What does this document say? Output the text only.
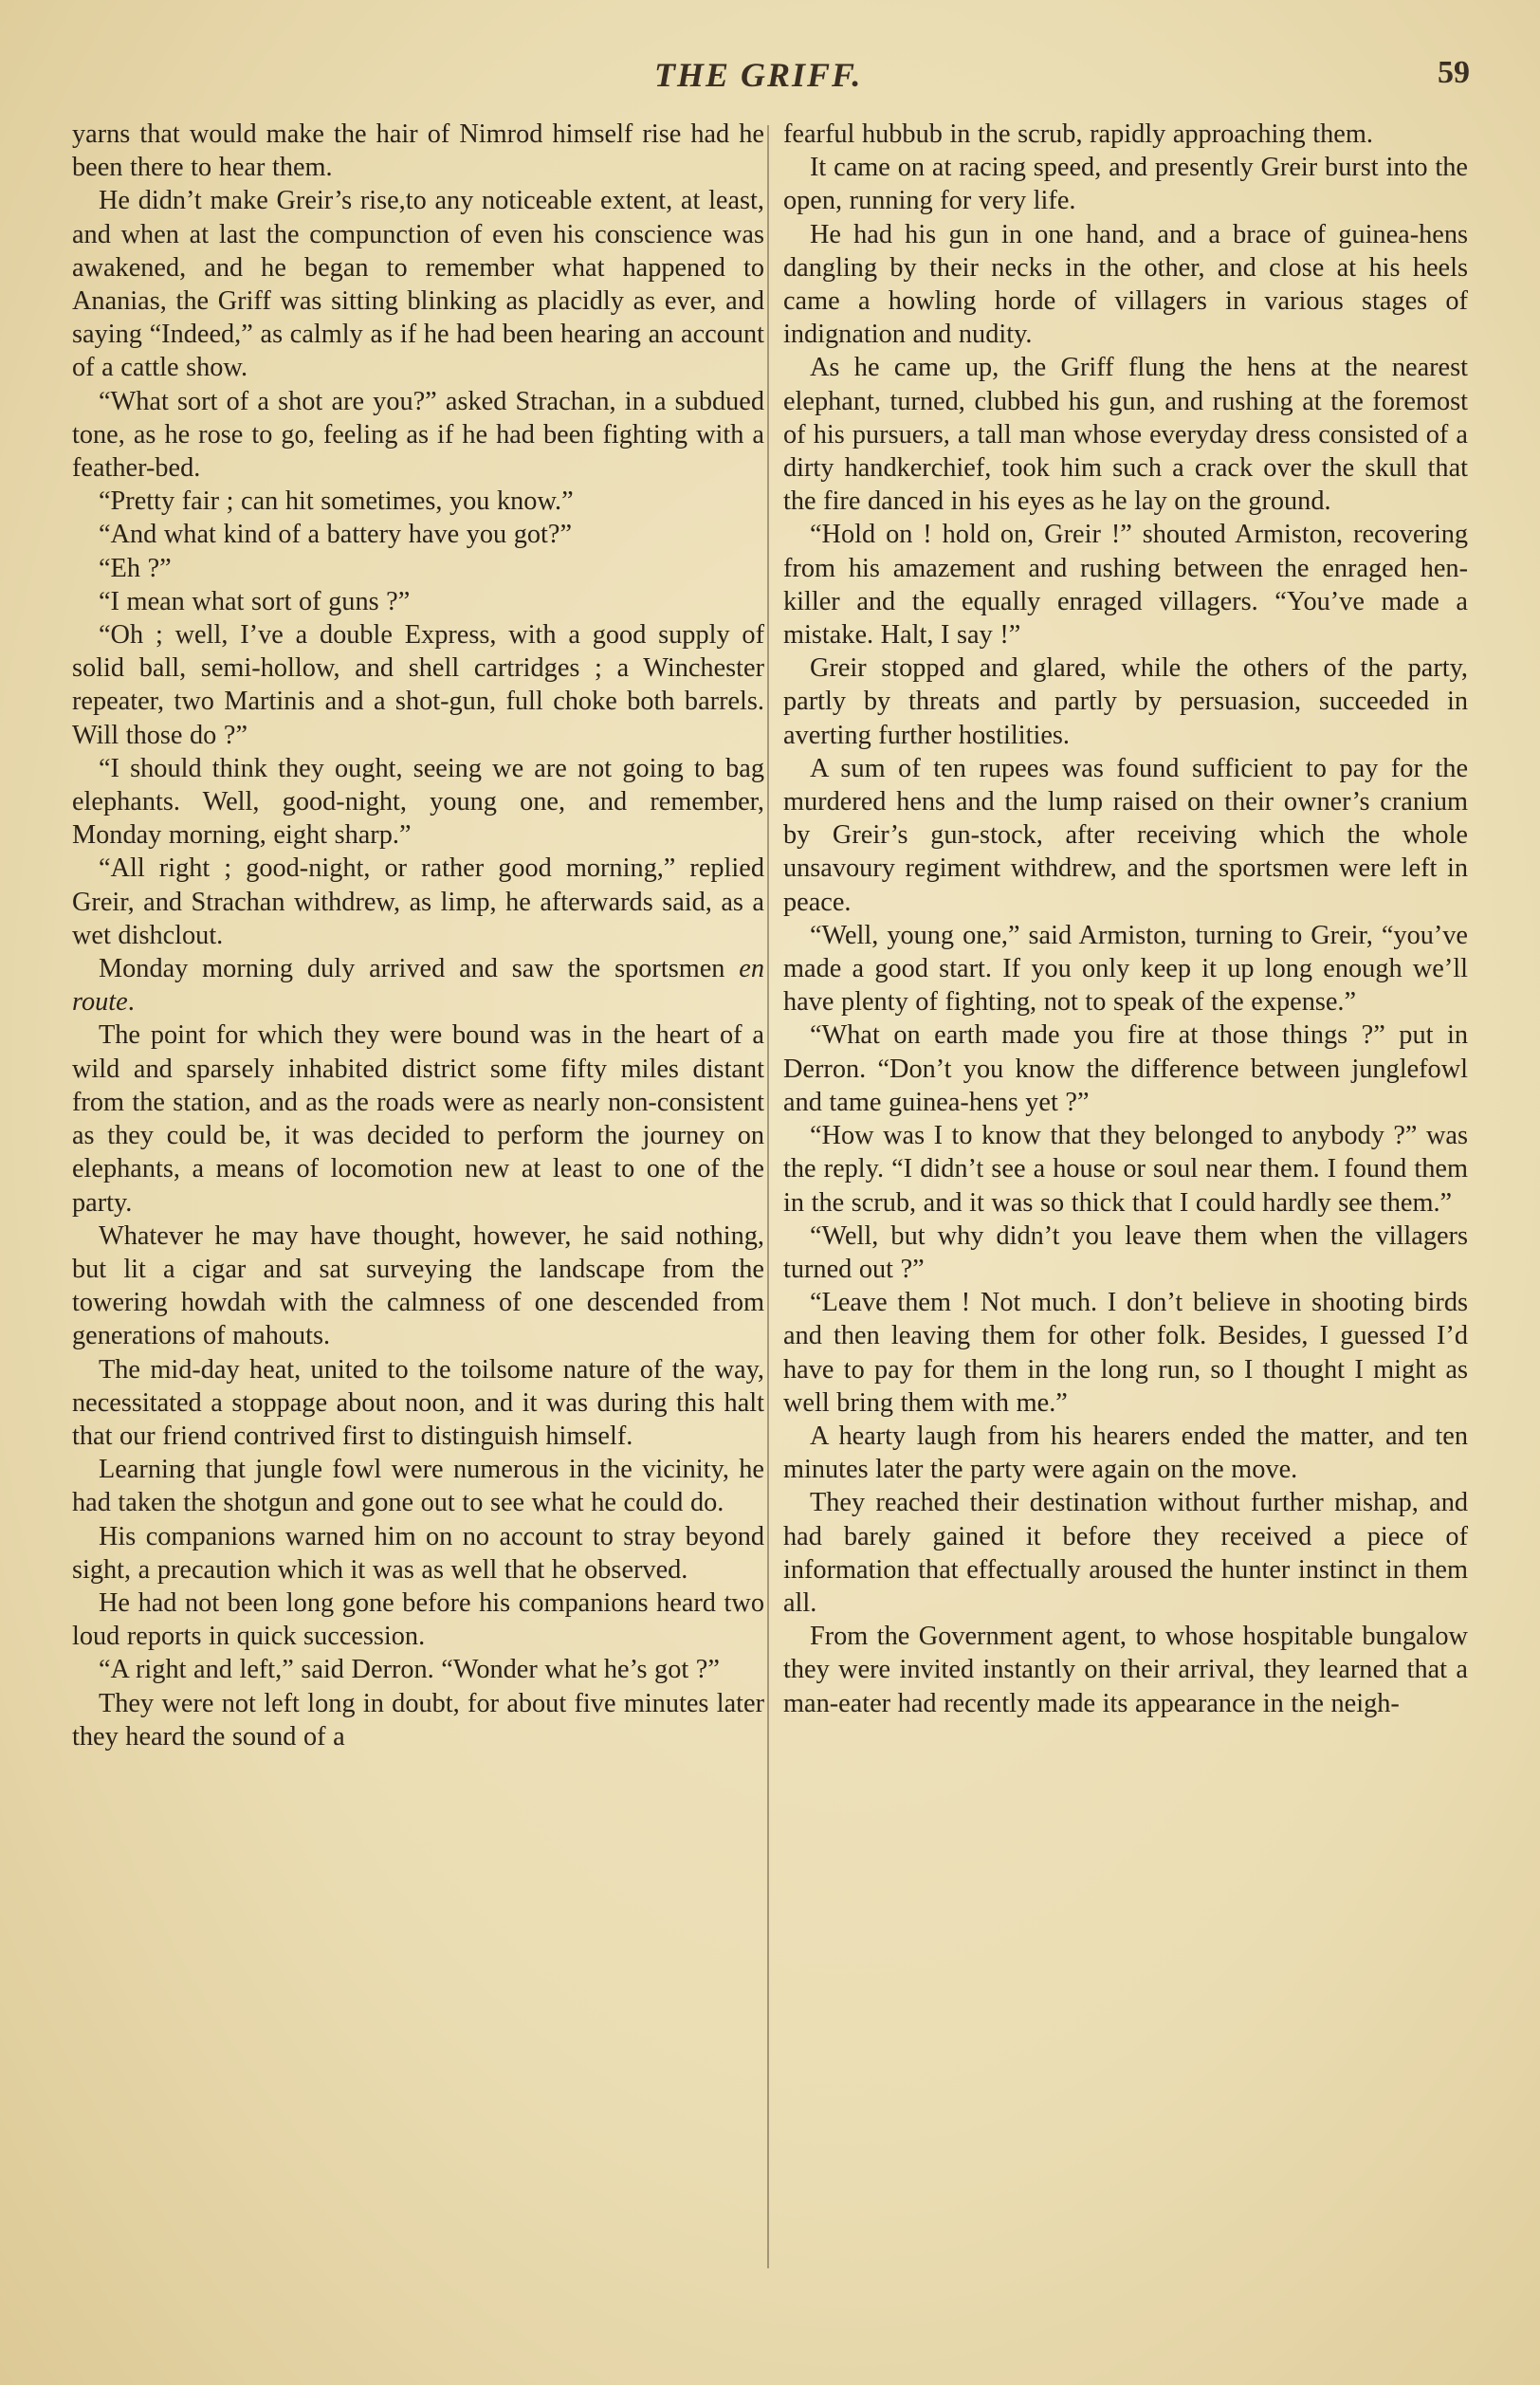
THE GRIFF.	59

yarns that would make the hair of Nimrod himself rise had he been there to hear them.

He didn’t make Greir’s rise,to any noticeable extent, at least, and when at last the compunction of even his conscience was awakened, and he began to remember what happened to Ananias, the Griff was sitting blinking as placidly as ever, and saying “Indeed,” as calmly as if he had been hearing an account of a cattle show.

“What sort of a shot are you?” asked Strachan, in a subdued tone, as he rose to go, feeling as if he had been fighting with a feather-bed.

“Pretty fair ; can hit sometimes, you know.”

“And what kind of a battery have you got?”

“Eh ?”

“I mean what sort of guns ?”

“Oh ; well, I’ve a double Express, with a good supply of solid ball, semi-hollow, and shell cartridges ; a Winchester repeater, two Martinis and a shot-gun, full choke both barrels. Will those do ?”

“I should think they ought, seeing we are not going to bag elephants. Well, good-night, young one, and remember, Monday morning, eight sharp.”

“All right ; good-night, or rather good morning,” replied Greir, and Strachan withdrew, as limp, he afterwards said, as a wet dishclout.

Monday morning duly arrived and saw the sportsmen en route.

The point for which they were bound was in the heart of a wild and sparsely inhabited district some fifty miles distant from the station, and as the roads were as nearly non-consistent as they could be, it was decided to perform the journey on elephants, a means of locomotion new at least to one of the party.

Whatever he may have thought, however, he said nothing, but lit a cigar and sat surveying the landscape from the towering howdah with the calmness of one descended from generations of mahouts.

The mid-day heat, united to the toilsome nature of the way, necessitated a stoppage about noon, and it was during this halt that our friend contrived first to distinguish himself.

Learning that jungle fowl were numerous in the vicinity, he had taken the shotgun and gone out to see what he could do.

His companions warned him on no account to stray beyond sight, a precaution which it was as well that he observed.

He had not been long gone before his companions heard two loud reports in quick succession.

“A right and left,” said Derron. “Wonder what he’s got ?”

They were not left long in doubt, for about five minutes later they heard the sound of a

fearful hubbub in the scrub, rapidly approaching them.

It came on at racing speed, and presently Greir burst into the open, running for very life.

He had his gun in one hand, and a brace of guinea-hens dangling by their necks in the other, and close at his heels came a howling horde of villagers in various stages of indignation and nudity.

As he came up, the Griff flung the hens at the nearest elephant, turned, clubbed his gun, and rushing at the foremost of his pursuers, a tall man whose everyday dress consisted of a dirty handkerchief, took him such a crack over the skull that the fire danced in his eyes as he lay on the ground.

“Hold on ! hold on, Greir !” shouted Armiston, recovering from his amazement and rushing between the enraged hen-killer and the equally enraged villagers. “You’ve made a mistake. Halt, I say !”

Greir stopped and glared, while the others of the party, partly by threats and partly by persuasion, succeeded in averting further hostilities.

A sum of ten rupees was found sufficient to pay for the murdered hens and the lump raised on their owner’s cranium by Greir’s gun-stock, after receiving which the whole unsavoury regiment withdrew, and the sportsmen were left in peace.

“Well, young one,” said Armiston, turning to Greir, “you’ve made a good start. If you only keep it up long enough we’ll have plenty of fighting, not to speak of the expense.”

“What on earth made you fire at those things ?” put in Derron. “Don’t you know the difference between junglefowl and tame guinea-hens yet ?”

“How was I to know that they belonged to anybody ?” was the reply. “I didn’t see a house or soul near them. I found them in the scrub, and it was so thick that I could hardly see them.”

“Well, but why didn’t you leave them when the villagers turned out ?”

“Leave them ! Not much. I don’t believe in shooting birds and then leaving them for other folk. Besides, I guessed I’d have to pay for them in the long run, so I thought I might as well bring them with me.”

A hearty laugh from his hearers ended the matter, and ten minutes later the party were again on the move.

They reached their destination without further mishap, and had barely gained it before they received a piece of information that effectually aroused the hunter instinct in them all.

From the Government agent, to whose hospitable bungalow they were invited instantly on their arrival, they learned that a man-eater had recently made its appearance in the neigh-
